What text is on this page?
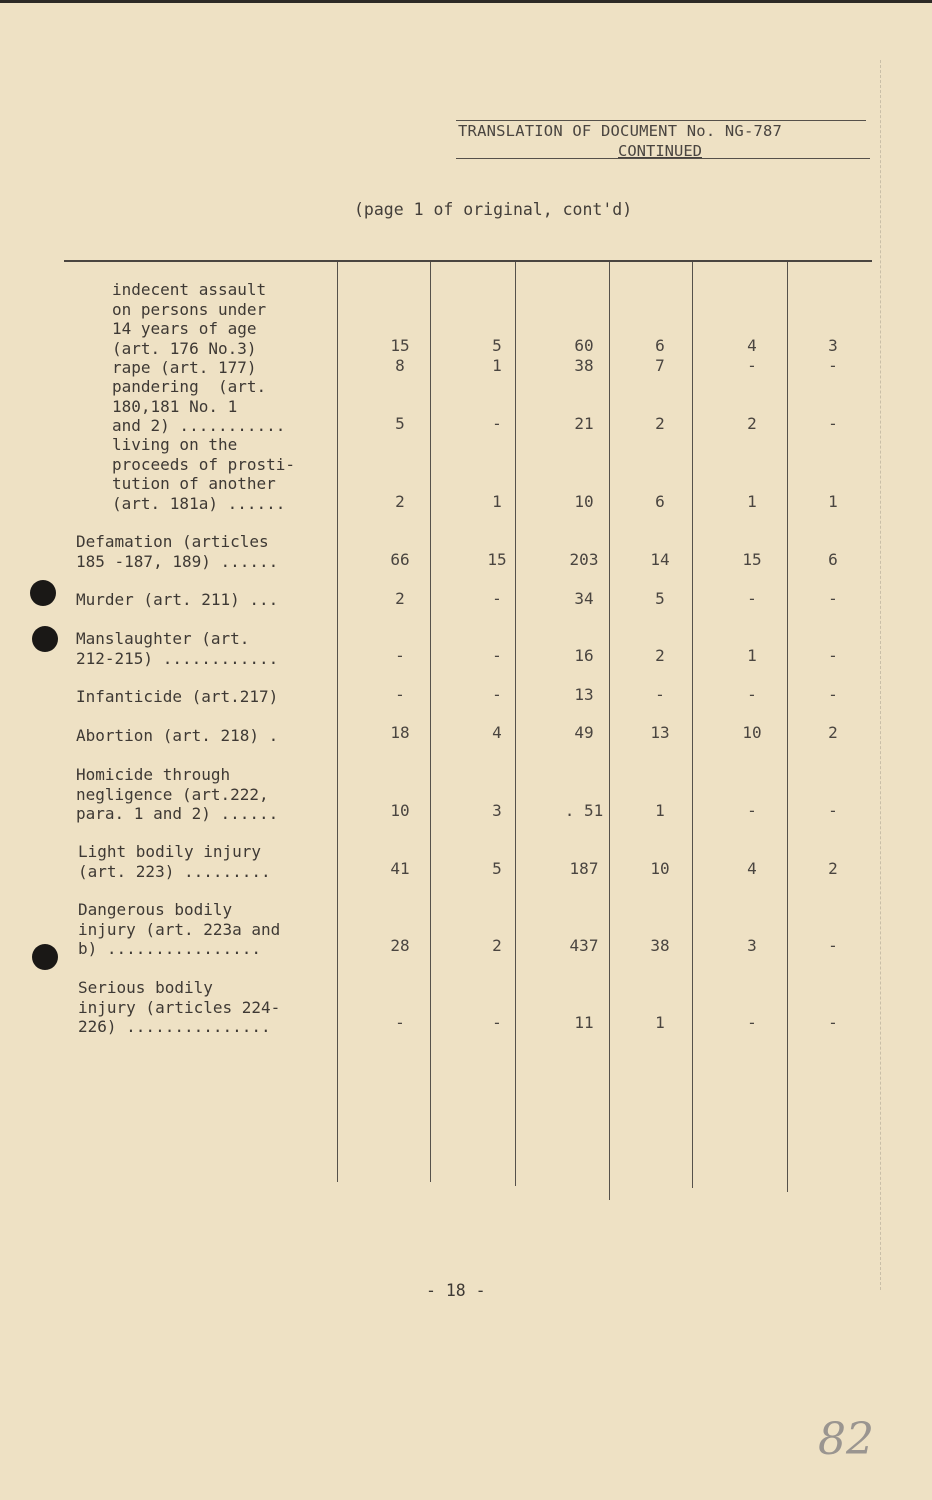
TRANSLATION OF DOCUMENT No. NG-787
CONTINUED
(page 1 of original, cont'd)
indecent assault
on persons under
14 years of age
(art. 176 No.3)	15	5	60	6	4	3
rape (art. 177)	8	1	38	7	-	-
pandering  (art.
180,181 No. 1
and 2) ...........	5	-	21	2	2	-
living on the
proceeds of prosti-
tution of another
(art. 181a) ......	2	1	10	6	1	1
Defamation (articles
185 -187, 189) ......	66	15	203	14	15	6
Murder (art. 211) ...	2	-	34	5	-	-
Manslaughter (art.
212-215) ............	-	-	16	2	1	-
Infanticide (art.217)	-	-	13	-	-	-
Abortion (art. 218) .	18	4	49	13	10	2
Homicide through
negligence (art.222,
para. 1 and 2) ......	10	3	. 51	1	-	-
Light bodily injury
(art. 223) .........	41	5	187	10	4	2
Dangerous bodily
injury (art. 223a and
b) ................	28	2	437	38	3	-
Serious bodily
injury (articles 224-
226) ...............	-	-	11	1	-	-
- 18 -
82
